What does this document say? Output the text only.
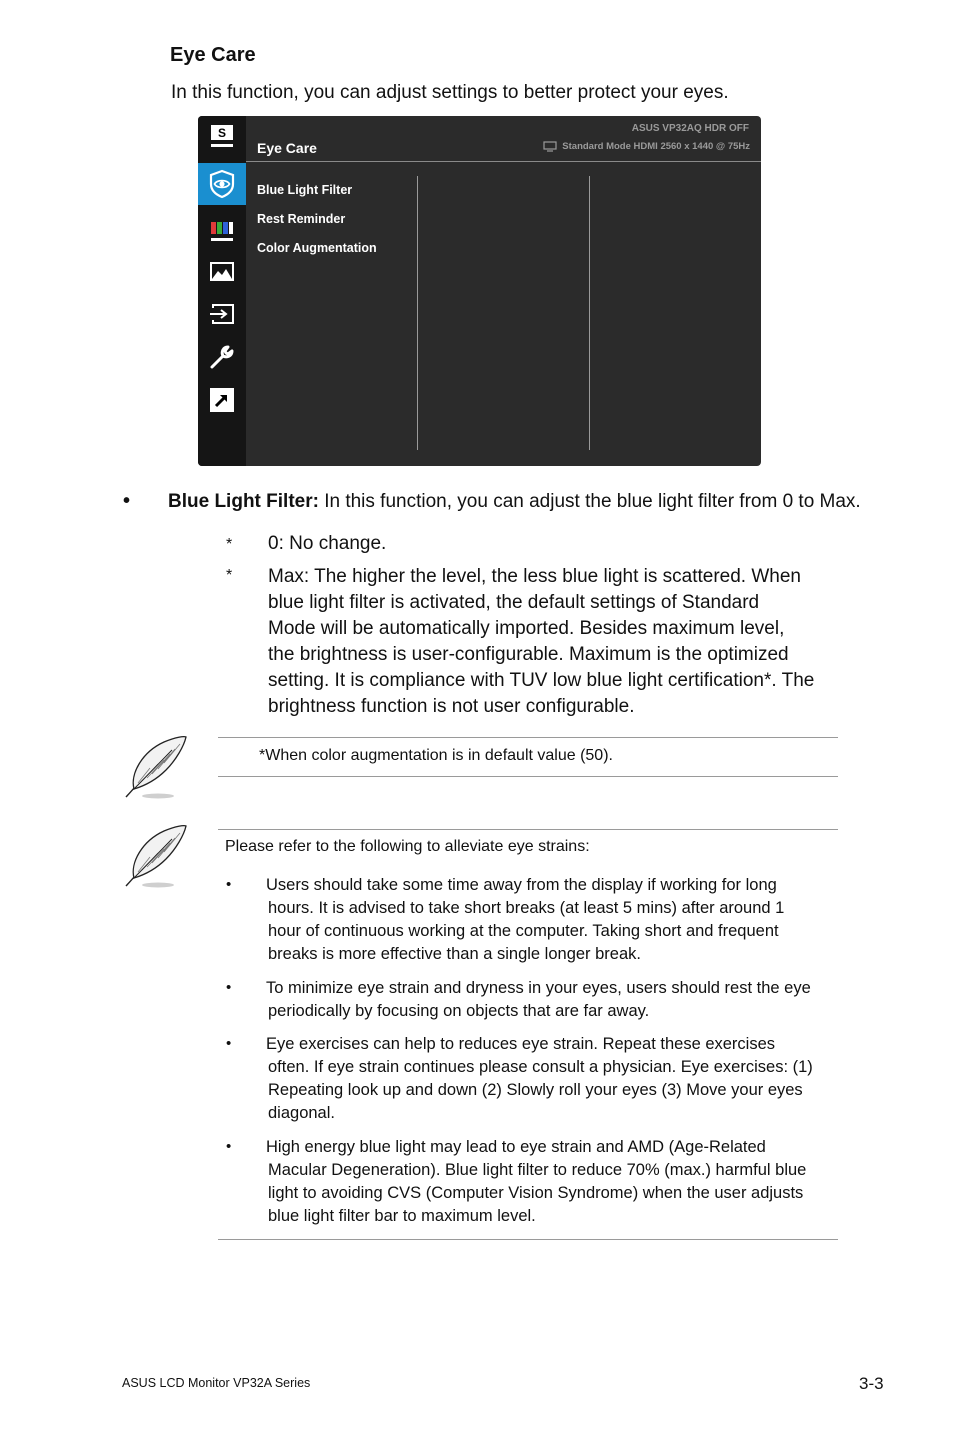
Eye Care
In this function, you can adjust settings to better protect your eyes.
S
Eye Care
ASUS VP32AQ HDR OFF
Standard Mode HDMI 2560 x 1440 @ 75Hz
Blue Light Filter
Rest Reminder
Color Augmentation
• Blue Light Filter: In this function, you can adjust the blue light filter from 0 to Max.
* 0: No change.
* Max: The higher the level, the less blue light is scattered. When
blue light filter is activated, the default settings of Standard
Mode will be automatically imported. Besides maximum level,
the brightness is user-configurable. Maximum is the optimized
setting. It is compliance with TUV low blue light certification*. The
brightness function is not user configurable.
*When color augmentation is in default value (50).
Please refer to the following to alleviate eye strains:
• Users should take some time away from the display if working for long
hours. It is advised to take short breaks (at least 5 mins) after around 1
hour of continuous working at the computer. Taking short and frequent
breaks is more effective than a single longer break.
• To minimize eye strain and dryness in your eyes, users should rest the eye
periodically by focusing on objects that are far away.
• Eye exercises can help to reduces eye strain. Repeat these exercises
often. If eye strain continues please consult a physician. Eye exercises: (1)
Repeating look up and down (2) Slowly roll your eyes (3) Move your eyes
diagonal.
• High energy blue light may lead to eye strain and AMD (Age-Related
Macular Degeneration). Blue light filter to reduce 70% (max.) harmful blue
light to avoiding CVS (Computer Vision Syndrome) when the user adjusts
blue light filter bar to maximum level.
ASUS LCD Monitor VP32A Series	3-3
